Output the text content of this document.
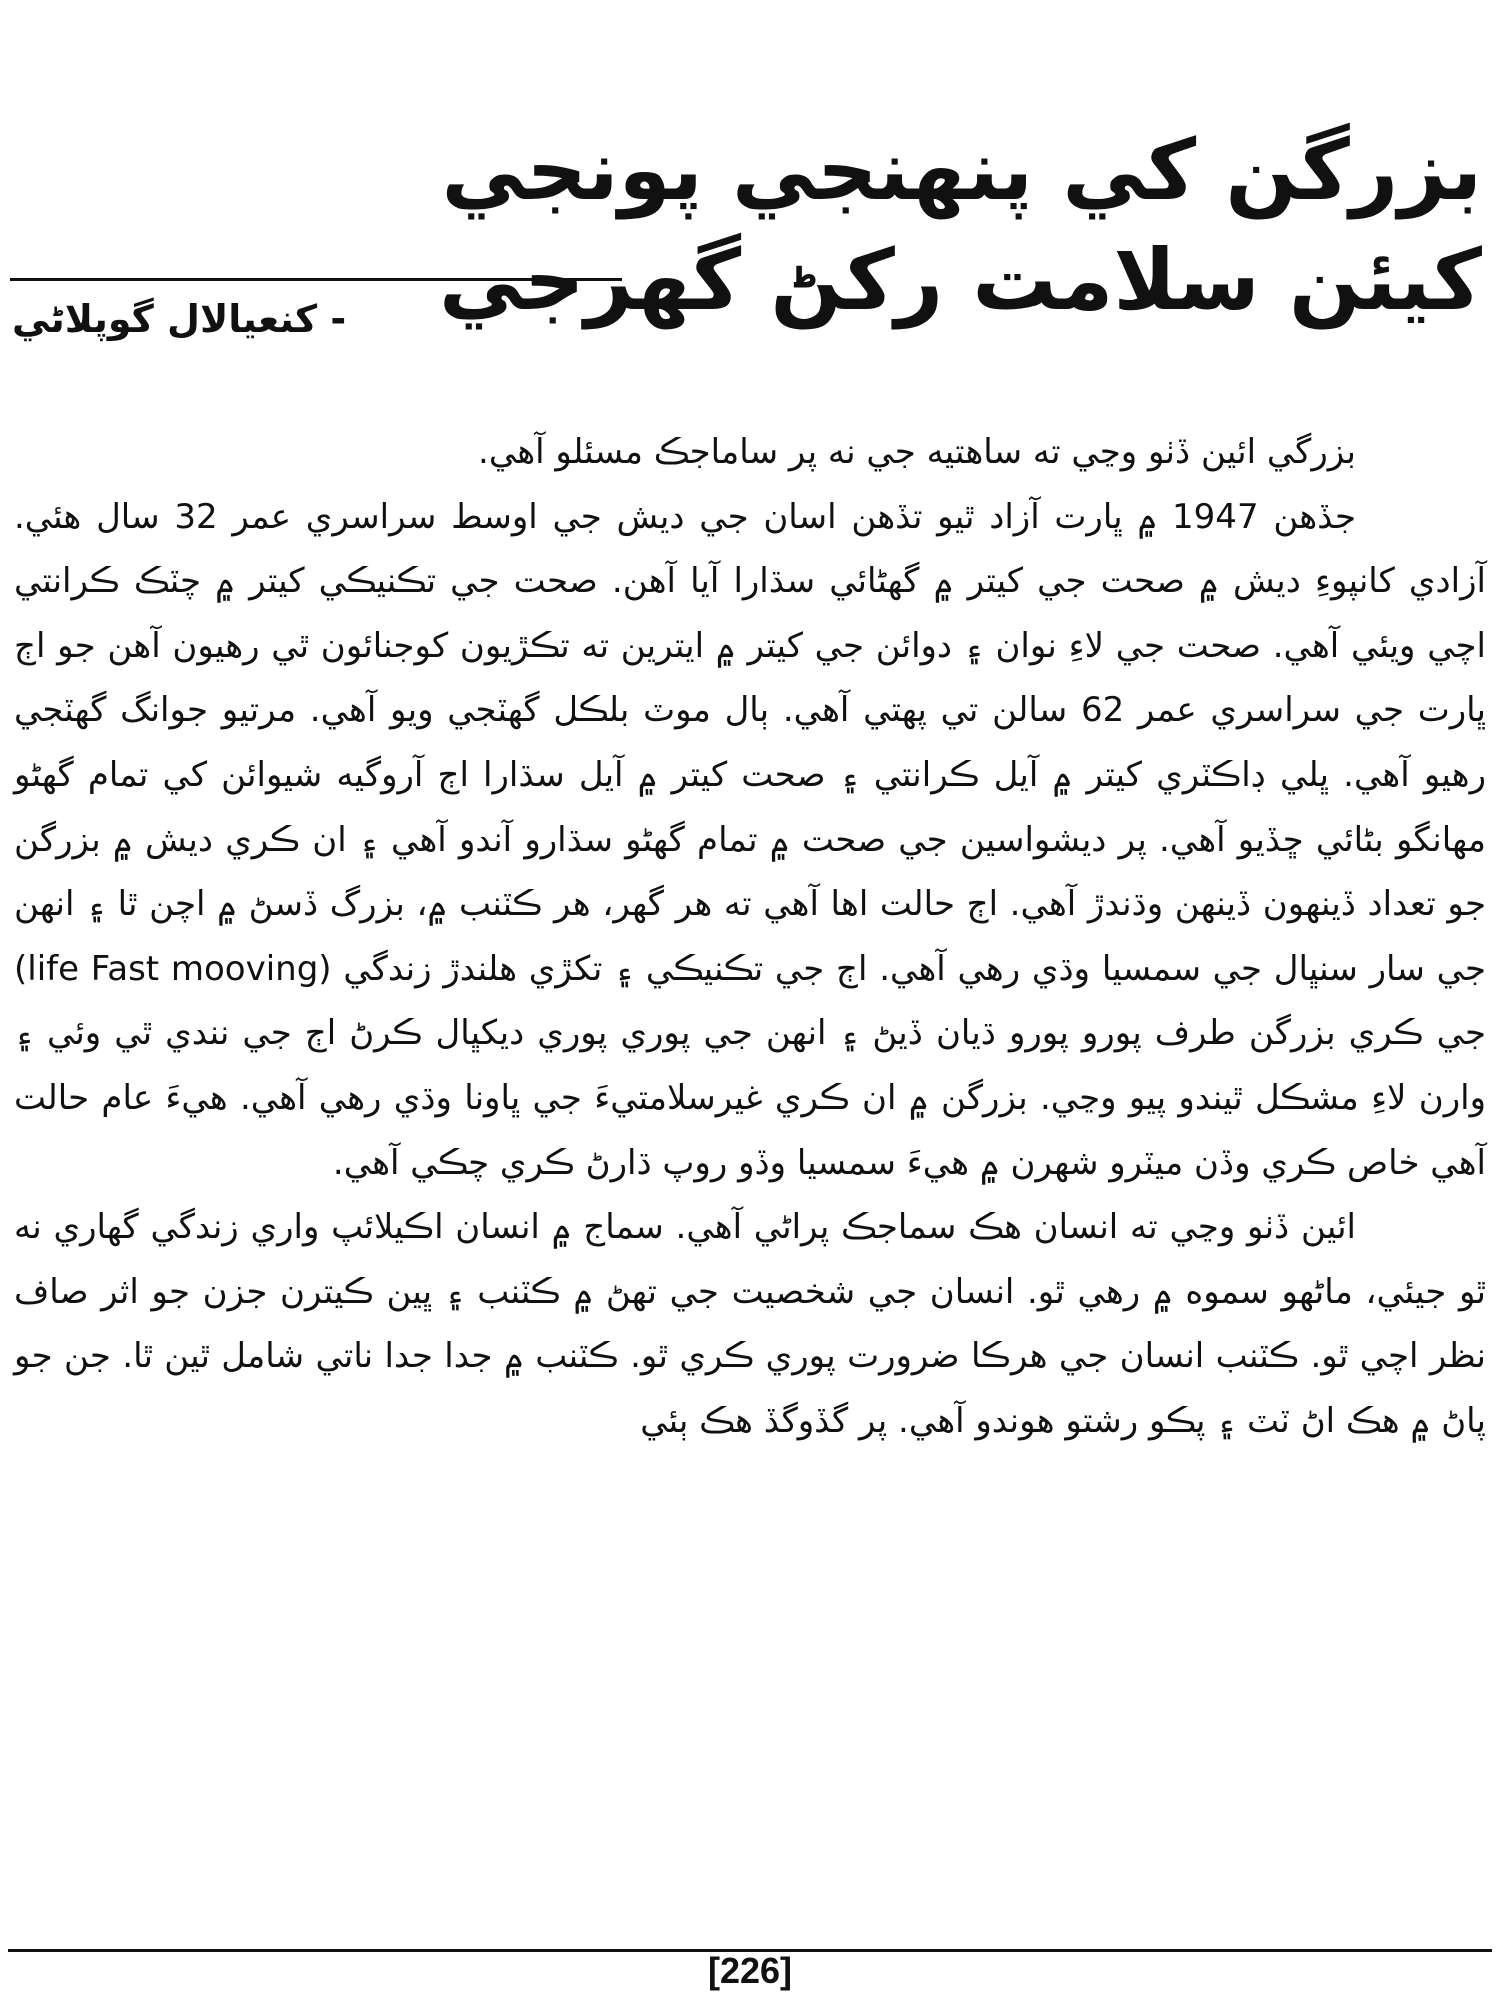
بزرگن کي پنهنجي پونجي
کيئن سلامت رکڻ گهرجي
- کنعيالال گوپلاڻي

بزرگي ائين ڏٺو وڃي ته ساهتيه جي نه پر ساماجڪ مسئلو آهي.

جڏهن 1947 ۾ ڀارت آزاد ٿيو تڏهن اسان جي ديش جي اوسط سراسري عمر 32 سال هئي. آزادي کانپوءِ ديش ۾ صحت جي کيتر ۾ گهڻائي سڌارا آيا آهن. صحت جي تڪنيڪي کيتر ۾ چٽڪ ڪرانتي اچي ويئي آهي. صحت جي لاءِ نوان ۽ دوائن جي کيتر ۾ ايترين ته تڪڙيون کوجنائون ٿي رهيون آهن جو اڄ ڀارت جي سراسري عمر 62 سالن تي پهتي آهي. ٻال موٽ بلڪل گهٽجي ويو آهي. مرتيو جوانگ گهٽجي رهيو آهي. ڀلي ڊاڪٽري کيتر ۾ آيل ڪرانتي ۽ صحت کيتر ۾ آيل سڌارا اڄ آروگيه شيوائن کي تمام گهڻو مهانگو بڻائي ڇڏيو آهي. پر ديشواسين جي صحت ۾ تمام گهڻو سڌارو آندو آهي ۽ ان ڪري ديش ۾ بزرگن جو تعداد ڏينهون ڏينهن وڌندڙ آهي. اڄ حالت اها آهي ته هر گهر، هر ڪٽنب ۾، بزرگ ڏسڻ ۾ اچن ٿا ۽ انهن جي سار سنڀال جي سمسيا وڌي رهي آهي. اڄ جي تڪنيڪي ۽ تکڙي هلندڙ زندگي (life Fast mooving) جي ڪري بزرگن طرف پورو پورو ڌيان ڏيڻ ۽ انهن جي پوري پوري ديکڀال ڪرڻ اڄ جي نندي ٿي وئي ۽ وارن لاءِ مشڪل ٿيندو پيو وڃي. بزرگن ۾ ان ڪري غيرسلامتيءَ جي ڀاونا وڌي رهي آهي. هيءَ عام حالت آهي خاص ڪري وڏن ميٽرو شهرن ۾ هيءَ سمسيا وڏو روپ ڌارڻ ڪري چڪي آهي.

ائين ڏٺو وڃي ته انسان هڪ سماجڪ پراڻي آهي. سماج ۾ انسان اڪيلائپ واري زندگي گهاري نه ٿو جيئي، ماڻهو سموه ۾ رهي ٿو. انسان جي شخصيت جي تهڻ ۾ ڪٽنب ۽ ڀين ڪيترن جزن جو اثر صاف نظر اچي ٿو. ڪٽنب انسان جي هرڪا ضرورت پوري ڪري ٿو. ڪٽنب ۾ جدا جدا ناتي شامل ٿين ٿا. جن جو پاڻ ۾ هڪ اڻ ٽٽ ۽ پڪو رشتو هوندو آهي. پر گڏوگڏ هڪ ٻئي

[226]
